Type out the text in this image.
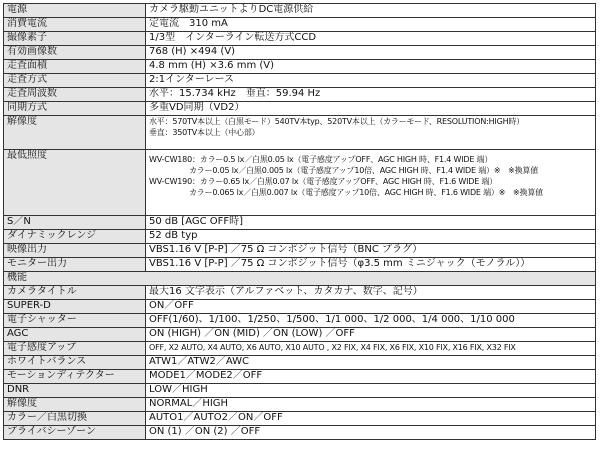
電源	カメラ駆動ユニットよりDC電源供給
消費電流	定電流　310 mA
撮像素子	1/3型　インターライン転送方式CCD
有効画像数	768 (H) ×494 (V)
走査面積	4.8 mm (H) ×3.6 mm (V)
走査方式	2:1インターレース
走査周波数	水平：15.734 kHz　垂直：59.94 Hz
同期方式	多重VD同期（VD2）
解像度	水平：570TV本以上（白黒モード）540TV本typ、520TV本以上（カラーモード、RESOLUTION:HIGH時）
垂直：350TV本以上（中心部）

最低照度	WV-CW180：カラー0.5 lx／白黒0.05 lx（電子感度アップOFF、AGC HIGH 時、F1.4 WIDE 端）
カラー0.05 lx／白黒0.005 lx（電子感度アップ10倍、AGC HIGH 時、F1.4 WIDE 端）※　※換算値
WV-CW190：カラー0.65 lx／白黒0.07 lx（電子感度アップOFF、AGC HIGH 時、F1.6 WIDE 端）
カラー0.065 lx／白黒0.007 lx（電子感度アップ10倍、AGC HIGH 時、F1.6 WIDE 端）※　※換算値

S／N	50 dB [AGC OFF時]
ダイナミックレンジ	52 dB typ
映像出力	VBS1.16 V [P-P] ／75 Ω コンポジット信号（BNC プラグ）
モニター出力	VBS1.16 V [P-P] ／75 Ω コンポジット信号（φ3.5 mm ミニジャック（モノラル））
機能	
カメラタイトル	最大16 文字表示（アルファベット、カタカナ、数字、記号）
SUPER-D	ON／OFF
電子シャッター	OFF(1/60)、1/100、1/250、1/500、1/1 000、1/2 000、1/4 000、1/10 000
AGC	ON (HIGH) ／ON (MID) ／ON (LOW) ／OFF
電子感度アップ	OFF, X2 AUTO, X4 AUTO, X6 AUTO, X10 AUTO , X2 FIX, X4 FIX, X6 FIX, X10 FIX, X16 FIX, X32 FIX
ホワイトバランス	ATW1／ATW2／AWC
モーションディテクター	MODE1／MODE2／OFF
DNR	LOW／HIGH
解像度	NORMAL／HIGH
カラー／白黒切換	AUTO1／AUTO2／ON／OFF
プライバシーゾーン	ON (1) ／ON (2) ／OFF
